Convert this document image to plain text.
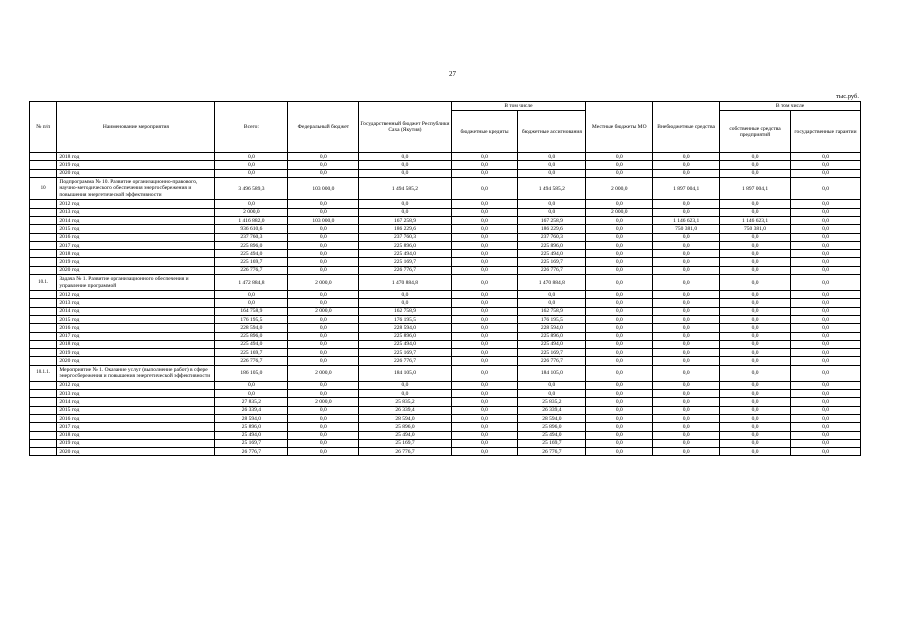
27
тыс.руб.
№ п/п	Наименование мероприятия	Всего:	Федеральный бюджет	Государственный бюджет Республики Саха (Якутия)	В том числе		Местные бюджеты МО	Внебюджетные средства	В том числе	
					бюджетные кредиты	бюджетные ассигнования			собственные средства предприятий	государственные гарантии
	2018 год	0,0	0,0	0,0	0,0	0,0	0,0	0,0	0,0	0,0
	2019 год	0,0	0,0	0,0	0,0	0,0	0,0	0,0	0,0	0,0
	2020 год	0,0	0,0	0,0	0,0	0,0	0,0	0,0	0,0	0,0
10	Подпрограмма № 10. Развитие организационно-правового, научно-методического обеспечения энергосбережения и повышения энергетической эффективности	3 496 589,3	103 000,0	1 494 585,2	0,0	1 494 585,2	2 000,0	1 897 004,1	1 897 004,1	0,0
	2012 год	0,0	0,0	0,0	0,0	0,0	0,0	0,0	0,0	0,0
	2013 год	2 000,0	0,0	0,0	0,0	0,0	2 000,0	0,0	0,0	0,0
	2014 год	1 416 882,0	103 000,0	167 258,9	0,0	167 258,9	0,0	1 146 623,1	1 146 623,1	0,0
	2015 год	936 610,6	0,0	186 229,6	0,0	186 229,6	0,0	750 381,0	750 381,0	0,0
	2016 год	237 760,3	0,0	237 760,3	0,0	237 760,3	0,0	0,0	0,0	0,0
	2017 год	225 896,0	0,0	225 896,0	0,0	225 896,0	0,0	0,0	0,0	0,0
	2018 год	225 494,0	0,0	225 494,0	0,0	225 494,0	0,0	0,0	0,0	0,0
	2019 год	225 169,7	0,0	225 169,7	0,0	225 169,7	0,0	0,0	0,0	0,0
	2020 год	226 776,7	0,0	226 776,7	0,0	226 776,7	0,0	0,0	0,0	0,0
10.1.	Задача № 1. Развитие организационного обеспечения и управление программой	1 472 884,8	2 000,0	1 470 884,8	0,0	1 470 884,8	0,0	0,0	0,0	0,0
	2012 год	0,0	0,0	0,0	0,0	0,0	0,0	0,0	0,0	0,0
	2013 год	0,0	0,0	0,0	0,0	0,0	0,0	0,0	0,0	0,0
	2014 год	164 758,9	2 000,0	162 758,9	0,0	162 758,9	0,0	0,0	0,0	0,0
	2015 год	176 195,5	0,0	176 195,5	0,0	176 195,5	0,0	0,0	0,0	0,0
	2016 год	228 594,0	0,0	228 594,0	0,0	228 594,0	0,0	0,0	0,0	0,0
	2017 год	225 896,0	0,0	225 896,0	0,0	225 896,0	0,0	0,0	0,0	0,0
	2018 год	225 494,0	0,0	225 494,0	0,0	225 494,0	0,0	0,0	0,0	0,0
	2019 год	225 169,7	0,0	225 169,7	0,0	225 169,7	0,0	0,0	0,0	0,0
	2020 год	226 776,7	0,0	226 776,7	0,0	226 776,7	0,0	0,0	0,0	0,0
10.1.1.	Мероприятие № 1. Оказание услуг (выполнение работ) в сфере энергосбережения и повышения энергетической эффективности	186 105,0	2 000,0	184 105,0	0,0	184 105,0	0,0	0,0	0,0	0,0
	2012 год	0,0	0,0	0,0	0,0	0,0	0,0	0,0	0,0	0,0
	2013 год	0,0	0,0	0,0	0,0	0,0	0,0	0,0	0,0	0,0
	2014 год	27 835,2	2 000,0	25 835,2	0,0	25 835,2	0,0	0,0	0,0	0,0
	2015 год	26 339,4	0,0	26 339,4	0,0	26 339,4	0,0	0,0	0,0	0,0
	2016 год	28 594,0	0,0	28 594,0	0,0	28 594,0	0,0	0,0	0,0	0,0
	2017 год	25 896,0	0,0	25 896,0	0,0	25 896,0	0,0	0,0	0,0	0,0
	2018 год	25 494,0	0,0	25 494,0	0,0	25 494,0	0,0	0,0	0,0	0,0
	2019 год	25 169,7	0,0	25 169,7	0,0	25 169,7	0,0	0,0	0,0	0,0
	2020 год	26 776,7	0,0	26 776,7	0,0	26 776,7	0,0	0,0	0,0	0,0
